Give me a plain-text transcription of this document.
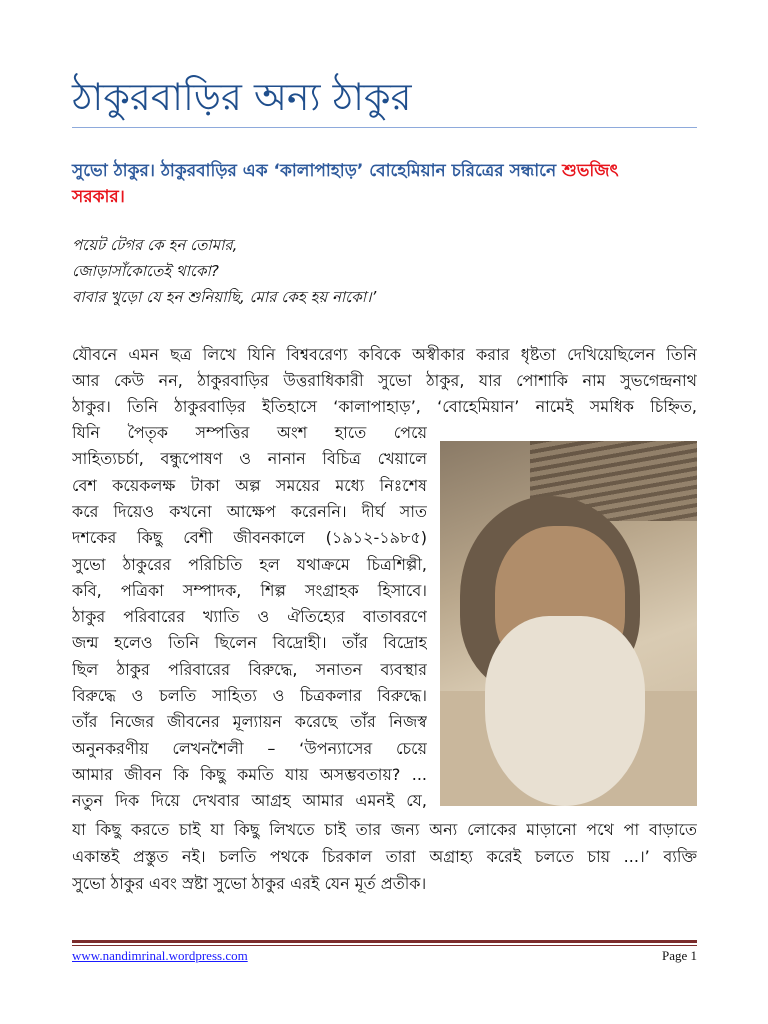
ঠাকুরবাড়ির অন্য ঠাকুর
সুভো ঠাকুর। ঠাকুরবাড়ির এক ‘কালাপাহাড়’ বোহেমিয়ান চরিত্রের সন্ধানে শুভজিৎ
সরকার।
পয়েট টেগর কে হন তোমার,
জোড়াসাঁকোতেই থাকো?
বাবার খুড়ো যে হন শুনিয়াছি, মোর কেহ হয় নাকো।’
যৌবনে এমন ছত্র লিখে যিনি বিশ্ববরেণ্য কবিকে অস্বীকার করার ধৃষ্টতা দেখিয়েছিলেন তিনি
আর কেউ নন, ঠাকুরবাড়ির উত্তরাধিকারী সুভো ঠাকুর, যার পোশাকি নাম সুভগেন্দ্রনাথ
ঠাকুর। তিনি ঠাকুরবাড়ির ইতিহাসে ‘কালাপাহাড়’, ‘বোহেমিয়ান’ নামেই সমধিক চিহ্নিত,
যিনি পৈতৃক সম্পত্তির অংশ হাতে পেয়ে
সাহিত্যচর্চা, বন্ধুপোষণ ও নানান বিচিত্র খেয়ালে
বেশ কয়েকলক্ষ টাকা অল্প সময়ের মধ্যে নিঃশেষ
করে দিয়েও কখনো আক্ষেপ করেননি। দীর্ঘ সাত
দশকের কিছু বেশী জীবনকালে (১৯১২-১৯৮৫)
সুভো ঠাকুরের পরিচিতি হল যথাক্রমে চিত্রশিল্পী,
কবি, পত্রিকা সম্পাদক, শিল্প সংগ্রাহক হিসাবে।
ঠাকুর পরিবারের খ্যাতি ও ঐতিহ্যের বাতাবরণে
জন্ম হলেও তিনি ছিলেন বিদ্রোহী। তাঁর বিদ্রোহ
ছিল ঠাকুর পরিবারের বিরুদ্ধে, সনাতন ব্যবস্থার
বিরুদ্ধে ও চলতি সাহিত্য ও চিত্রকলার বিরুদ্ধে।
তাঁর নিজের জীবনের মূল্যায়ন করেছে তাঁর নিজস্ব
অনুনকরণীয় লেখনশৈলী – ‘উপন্যাসের চেয়ে
আমার জীবন কি কিছু কমতি যায় অসম্ভবতায়? ...
নতুন দিক দিয়ে দেখবার আগ্রহ আমার এমনই যে,
যা কিছু করতে চাই যা কিছু লিখতে চাই তার জন্য অন্য লোকের মাড়ানো পথে পা বাড়াতে
একান্তই প্রস্তুত নই। চলতি পথকে চিরকাল তারা অগ্রাহ্য করেই চলতে চায় ...।’ ব্যক্তি
সুভো ঠাকুর এবং স্রষ্টা সুভো ঠাকুর এরই যেন মূর্ত প্রতীক।
www.nandimrinal.wordpress.com	Page 1
